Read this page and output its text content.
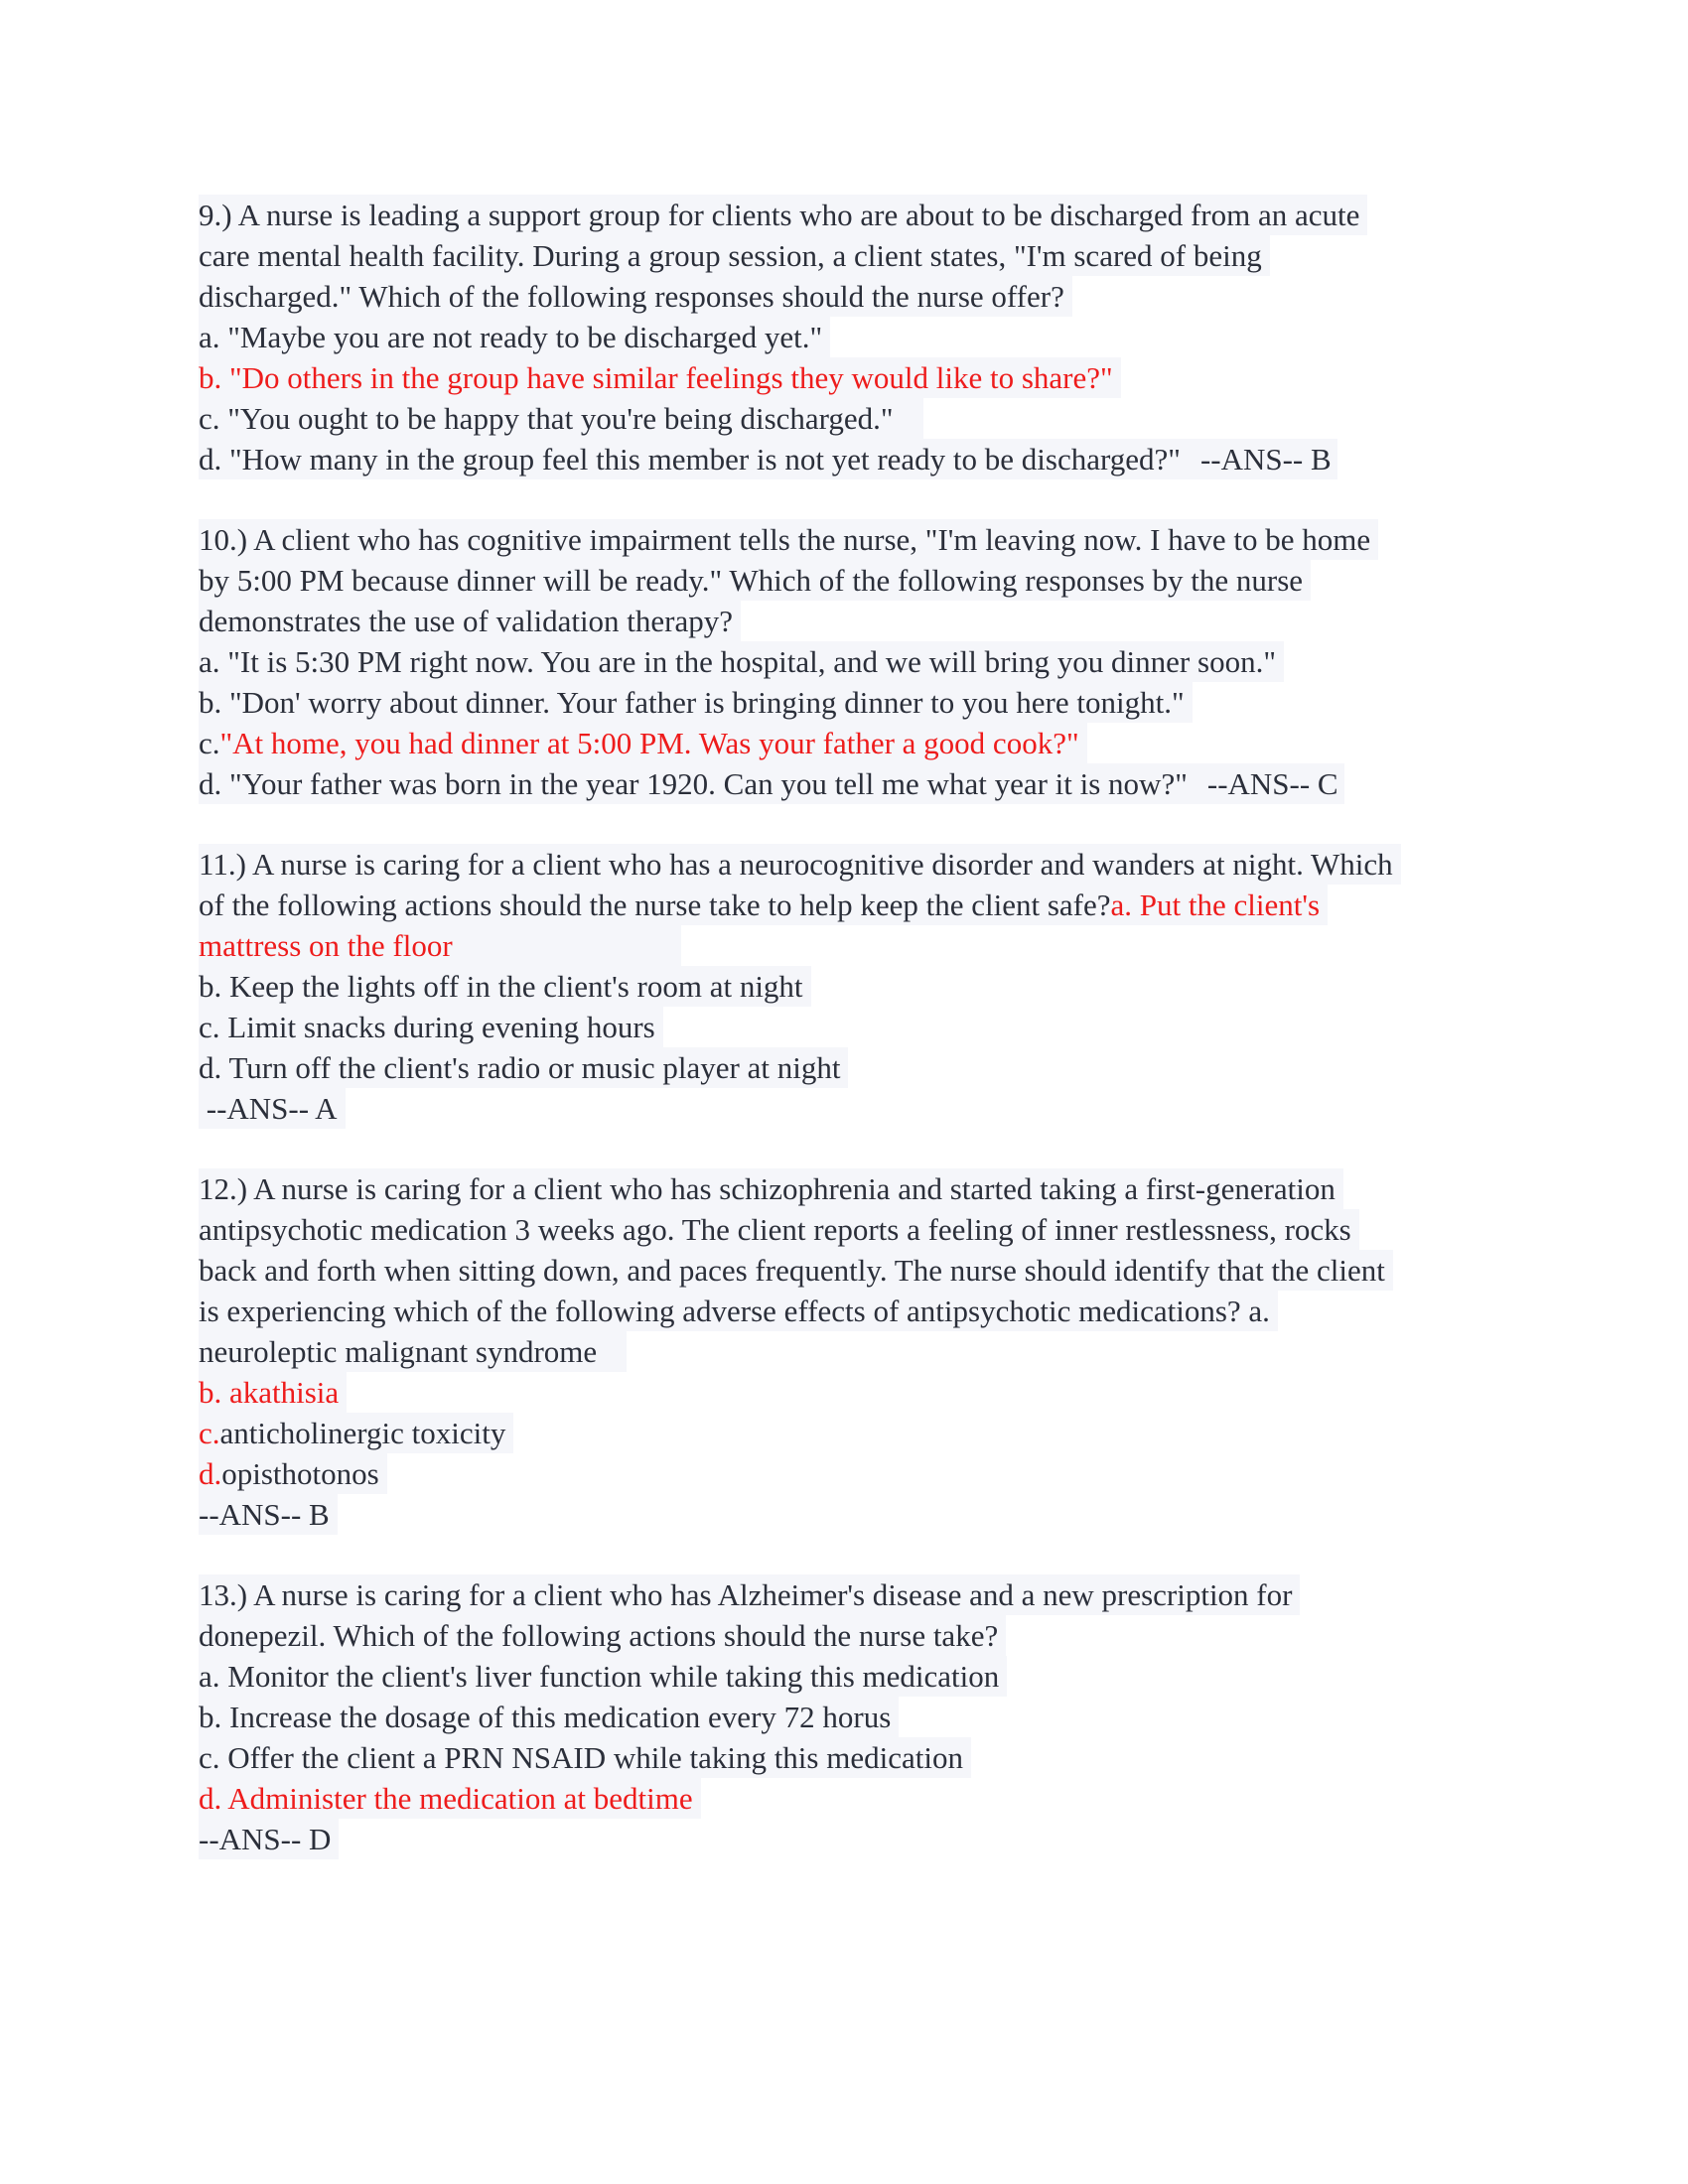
9.) A nurse is leading a support group for clients who are about to be discharged from an acute
care mental health facility. During a group session, a client states, "I'm scared of being
discharged." Which of the following responses should the nurse offer?
a. "Maybe you are not ready to be discharged yet."
b. "Do others in the group have similar feelings they would like to share?"
c. "You ought to be happy that you're being discharged."
d. "How many in the group feel this member is not yet ready to be discharged?" --ANS-- B
10.) A client who has cognitive impairment tells the nurse, "I'm leaving now. I have to be home
by 5:00 PM because dinner will be ready." Which of the following responses by the nurse
demonstrates the use of validation therapy?
a. "It is 5:30 PM right now. You are in the hospital, and we will bring you dinner soon."
b. "Don' worry about dinner. Your father is bringing dinner to you here tonight."
c."At home, you had dinner at 5:00 PM. Was your father a good cook?"
d. "Your father was born in the year 1920. Can you tell me what year it is now?" --ANS-- C
11.) A nurse is caring for a client who has a neurocognitive disorder and wanders at night. Which
of the following actions should the nurse take to help keep the client safe?a. Put the client's
mattress on the floor
b. Keep the lights off in the client's room at night
c. Limit snacks during evening hours
d. Turn off the client's radio or music player at night
--ANS-- A
12.) A nurse is caring for a client who has schizophrenia and started taking a first-generation
antipsychotic medication 3 weeks ago. The client reports a feeling of inner restlessness, rocks
back and forth when sitting down, and paces frequently. The nurse should identify that the client
is experiencing which of the following adverse effects of antipsychotic medications? a.
neuroleptic malignant syndrome
b. akathisia
c.anticholinergic toxicity
d.opisthotonos
--ANS-- B
13.) A nurse is caring for a client who has Alzheimer's disease and a new prescription for
donepezil. Which of the following actions should the nurse take?
a. Monitor the client's liver function while taking this medication
b. Increase the dosage of this medication every 72 horus
c. Offer the client a PRN NSAID while taking this medication
d. Administer the medication at bedtime
--ANS-- D
